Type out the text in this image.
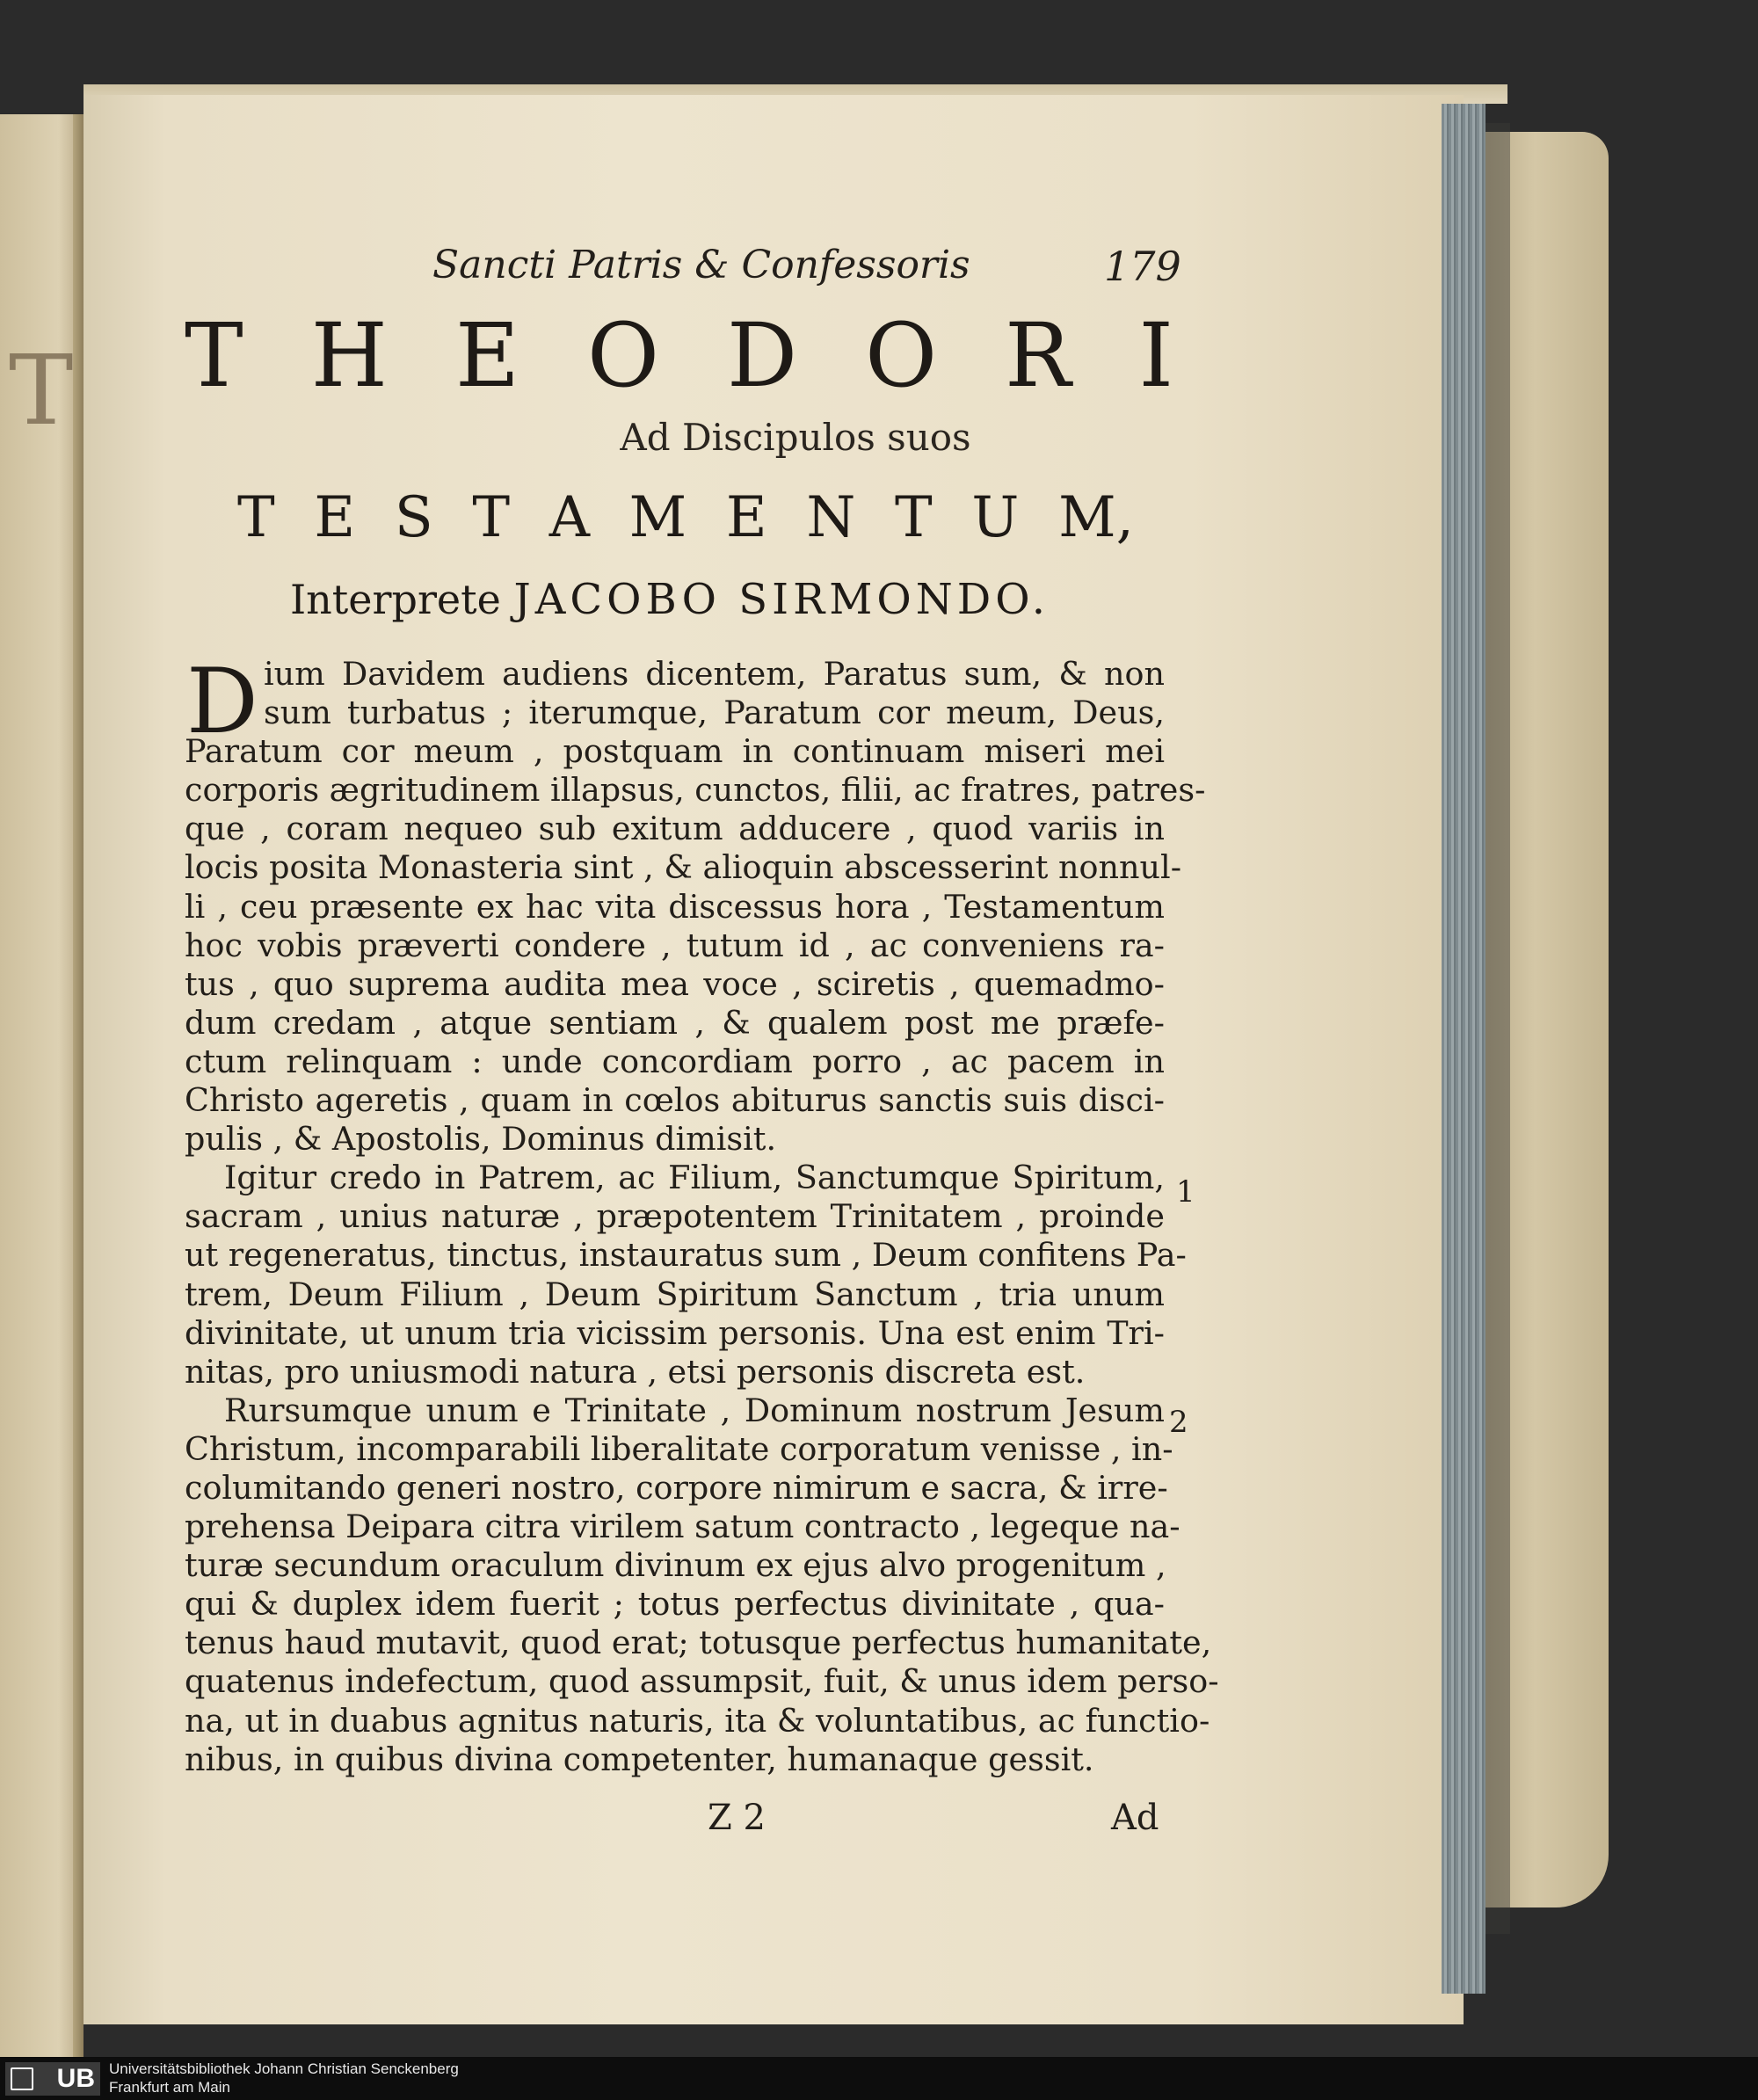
T
Sancti Patris & Confessoris	179
T H E O D O R I
Ad Discipulos suos
T E S T A M E N T U M,
Interprete JACOBO SIRMONDO.
D ium Davidem audiens dicentem, Paratus sum, & non
sum turbatus ; iterumque, Paratum cor meum, Deus,
Paratum cor meum , postquam in continuam miseri mei
corporis ægritudinem illapsus, cunctos, filii, ac fratres, patres-
que , coram nequeo sub exitum adducere , quod variis in
locis posita Monasteria sint , & alioquin abscesserint nonnul-
li , ceu præsente ex hac vita discessus hora , Testamentum
hoc vobis præverti condere , tutum id , ac conveniens ra-
tus , quo suprema audita mea voce , sciretis , quemadmo-
dum credam , atque sentiam , & qualem post me præfe-
ctum relinquam : unde concordiam porro , ac pacem in
Christo ageretis , quam in cœlos abiturus sanctis suis disci-
pulis , & Apostolis, Dominus dimisit.
Igitur credo in Patrem, ac Filium, Sanctumque Spiritum,
sacram , unius naturæ , præpotentem Trinitatem , proinde
ut regeneratus, tinctus, instauratus sum , Deum confitens Pa-
trem, Deum Filium , Deum Spiritum Sanctum , tria unum
divinitate, ut unum tria vicissim personis. Una est enim Tri-
nitas, pro uniusmodi natura , etsi personis discreta est.
Rursumque unum e Trinitate , Dominum nostrum Jesum
Christum, incomparabili liberalitate corporatum venisse , in-
columitando generi nostro, corpore nimirum e sacra, & irre-
prehensa Deipara citra virilem satum contracto , legeque na-
turæ secundum oraculum divinum ex ejus alvo progenitum ,
qui & duplex idem fuerit ; totus perfectus divinitate , qua-
tenus haud mutavit, quod erat; totusque perfectus humanitate,
quatenus indefectum, quod assumpsit, fuit, & unus idem perso-
na, ut in duabus agnitus naturis, ita & voluntatibus, ac functio-
nibus, in quibus divina competenter, humanaque gessit.
1
2
Z 2	Ad
UB Universitätsbibliothek Johann Christian Senckenberg
Frankfurt am Main
